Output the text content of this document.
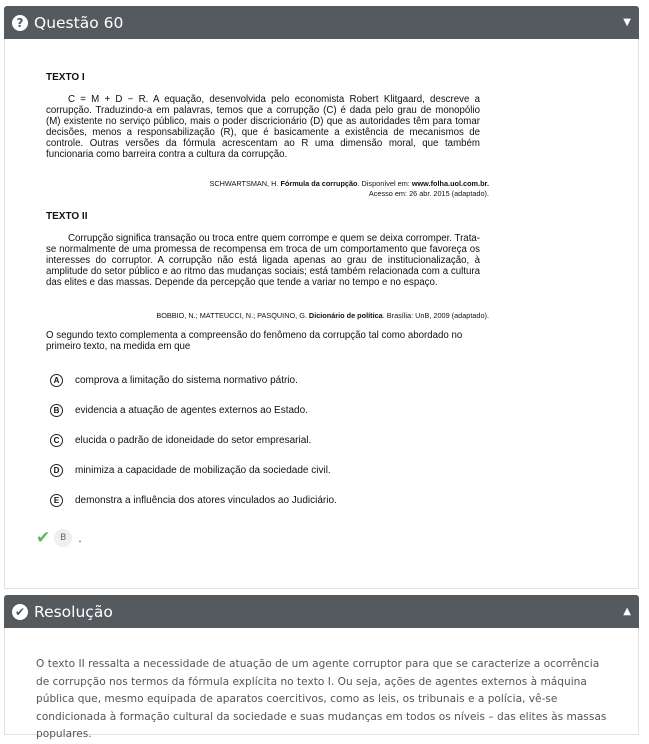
? Questão 60	▼
TEXTO I

C = M + D − R. A equação, desenvolvida pelo economista Robert Klitgaard, descreve a corrupção. Traduzindo-a em palavras, temos que a corrupção (C) é dada pelo grau de monopólio (M) existente no serviço público, mais o poder discricionário (D) que as autoridades têm para tomar decisões, menos a responsabilização (R), que é basicamente a existência de mecanismos de controle. Outras versões da fórmula acrescentam ao R uma dimensão moral, que também funcionaria como barreira contra a cultura da corrupção.

SCHWARTSMAN, H. Fórmula da corrupção. Disponível em: www.folha.uol.com.br.
Acesso em: 26 abr. 2015 (adaptado).
TEXTO II

Corrupção significa transação ou troca entre quem corrompe e quem se deixa corromper. Trata-se normalmente de uma promessa de recompensa em troca de um comportamento que favoreça os interesses do corruptor. A corrupção não está ligada apenas ao grau de institucionalização, à amplitude do setor público e ao ritmo das mudanças sociais; está também relacionada com a cultura das elites e das massas. Depende da percepção que tende a variar no tempo e no espaço.

BOBBIO, N.; MATTEUCCI, N.; PASQUINO, G. Dicionário de política. Brasília: UnB, 2009 (adaptado).
O segundo texto complementa a compreensão do fenômeno da corrupção tal como abordado no primeiro texto, na medida em que
A	comprova a limitação do sistema normativo pátrio.
B	evidencia a atuação de agentes externos ao Estado.
C	elucida o padrão de idoneidade do setor empresarial.
D	minimiza a capacidade de mobilização da sociedade civil.
E	demonstra a influência dos atores vinculados ao Judiciário.
✔	B	.
✔ Resolução	▲
O texto II ressalta a necessidade de atuação de um agente corruptor para que se caracterize a ocorrência de corrupção nos termos da fórmula explícita no texto I. Ou seja, ações de agentes externos à máquina pública que, mesmo equipada de aparatos coercitivos, como as leis, os tribunais e a polícia, vê-se condicionada à formação cultural da sociedade e suas mudanças em todos os níveis – das elites às massas populares.
